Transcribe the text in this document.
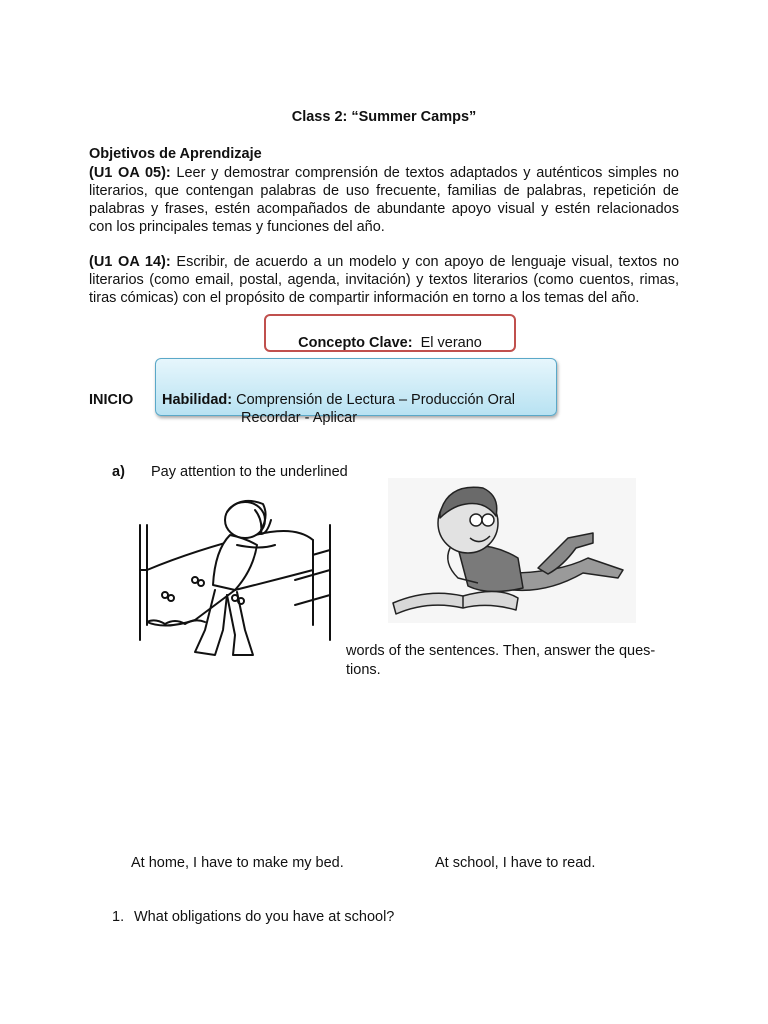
Class 2: “Summer Camps”
Objetivos de Aprendizaje
(U1 OA 05): Leer y demostrar comprensión de textos adaptados y auténticos simples no literarios, que contengan palabras de uso frecuente, familias de palabras, repetición de palabras y frases, estén acompañados de abundante apoyo visual y estén relacionados con los principales temas y funciones del año.
(U1 OA 14): Escribir, de acuerdo a un modelo y con apoyo de lenguaje visual, textos no literarios (como email, postal, agenda, invitación) y textos literarios (como cuentos, rimas, tiras cómicas) con el propósito de compartir información en torno a los temas del año.
Concepto Clave: El verano
Habilidad: Comprensión de Lectura – Producción Oral
Recordar - Aplicar
INICIO
a) Pay attention to the underlined
words of the sentences. Then, answer the ques-tions.
At home, I have to make my bed.	At school, I have to read.
1. What obligations do you have at school?
